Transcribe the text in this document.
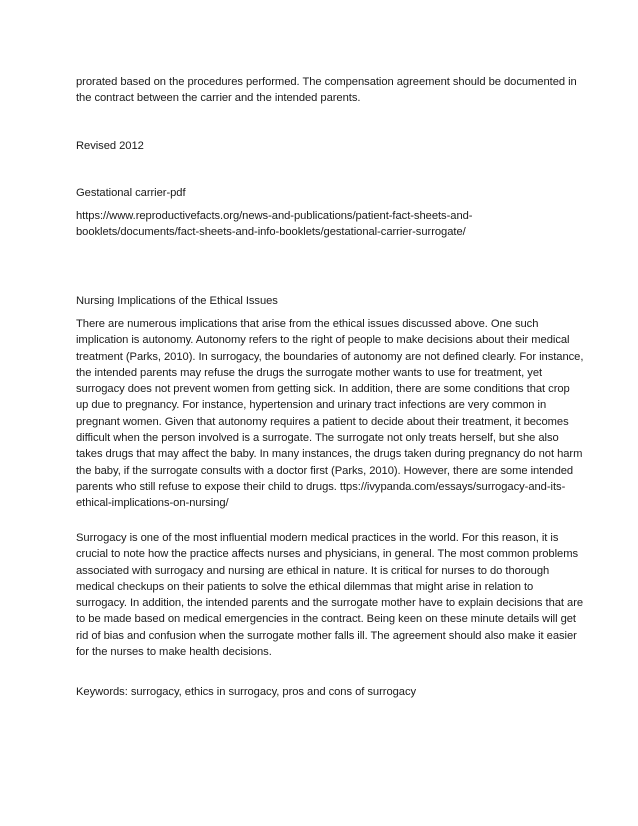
prorated based on the procedures performed. The compensation agreement should be documented in
the contract between the carrier and the intended parents.

Revised 2012

Gestational carrier-pdf

https://www.reproductivefacts.org/news-and-publications/patient-fact-sheets-and-
booklets/documents/fact-sheets-and-info-booklets/gestational-carrier-surrogate/

Nursing Implications of the Ethical Issues

There are numerous implications that arise from the ethical issues discussed above. One such
implication is autonomy. Autonomy refers to the right of people to make decisions about their medical
treatment (Parks, 2010). In surrogacy, the boundaries of autonomy are not defined clearly. For instance,
the intended parents may refuse the drugs the surrogate mother wants to use for treatment, yet
surrogacy does not prevent women from getting sick. In addition, there are some conditions that crop
up due to pregnancy. For instance, hypertension and urinary tract infections are very common in
pregnant women. Given that autonomy requires a patient to decide about their treatment, it becomes
difficult when the person involved is a surrogate. The surrogate not only treats herself, but she also
takes drugs that may affect the baby. In many instances, the drugs taken during pregnancy do not harm
the baby, if the surrogate consults with a doctor first (Parks, 2010). However, there are some intended
parents who still refuse to expose their child to drugs. ttps://ivypanda.com/essays/surrogacy-and-its-
ethical-implications-on-nursing/

Surrogacy is one of the most influential modern medical practices in the world. For this reason, it is
crucial to note how the practice affects nurses and physicians, in general. The most common problems
associated with surrogacy and nursing are ethical in nature. It is critical for nurses to do thorough
medical checkups on their patients to solve the ethical dilemmas that might arise in relation to
surrogacy. In addition, the intended parents and the surrogate mother have to explain decisions that are
to be made based on medical emergencies in the contract. Being keen on these minute details will get
rid of bias and confusion when the surrogate mother falls ill. The agreement should also make it easier
for the nurses to make health decisions.

Keywords: surrogacy, ethics in surrogacy, pros and cons of surrogacy
